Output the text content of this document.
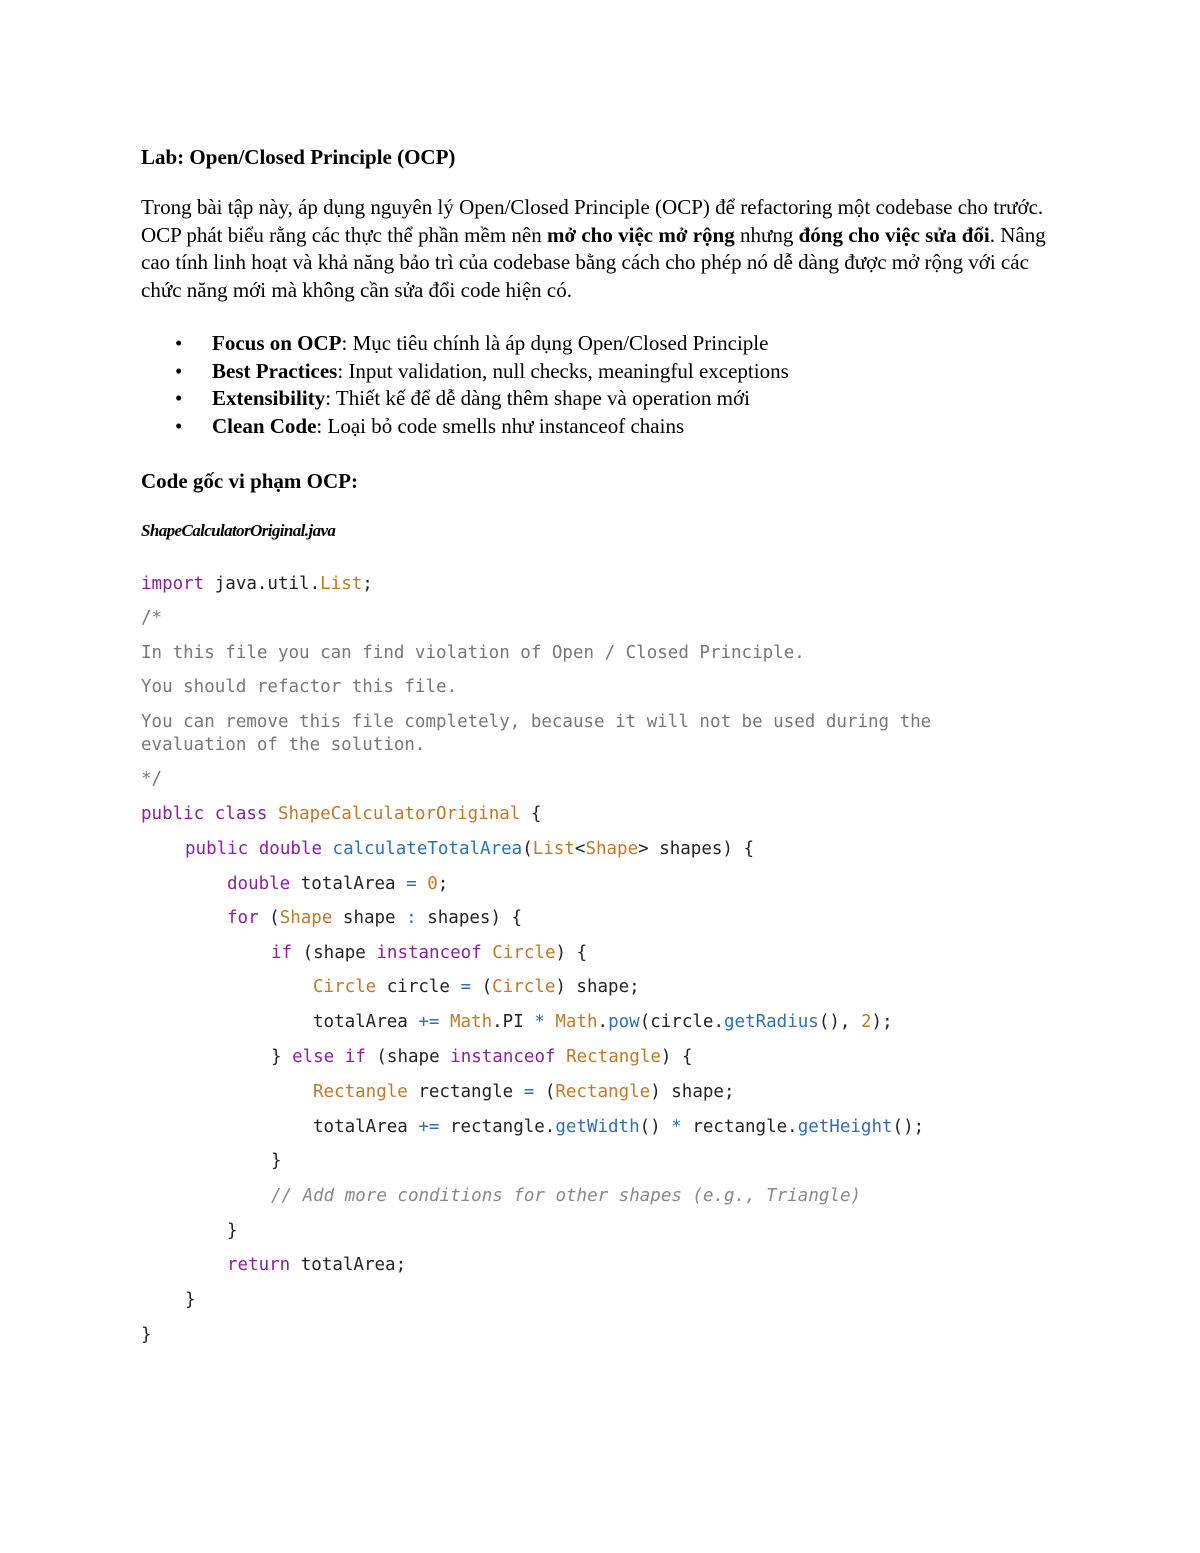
Lab: Open/Closed Principle (OCP)

Trong bài tập này, áp dụng nguyên lý Open/Closed Principle (OCP) để refactoring một codebase cho trước. OCP phát biểu rằng các thực thể phần mềm nên mở cho việc mở rộng nhưng đóng cho việc sửa đổi. Nâng cao tính linh hoạt và khả năng bảo trì của codebase bằng cách cho phép nó dễ dàng được mở rộng với các chức năng mới mà không cần sửa đổi code hiện có.

• Focus on OCP: Mục tiêu chính là áp dụng Open/Closed Principle
• Best Practices: Input validation, null checks, meaningful exceptions
• Extensibility: Thiết kế để dễ dàng thêm shape và operation mới
• Clean Code: Loại bỏ code smells như instanceof chains
Code gốc vi phạm OCP:
ShapeCalculatorOriginal.java
import java.util.List;
/*
In this file you can find violation of Open / Closed Principle.
You should refactor this file.
You can remove this file completely, because it will not be used during the
evaluation of the solution.
*/
public class ShapeCalculatorOriginal {
public double calculateTotalArea(List<Shape> shapes) {
double totalArea = 0;
for (Shape shape : shapes) {
if (shape instanceof Circle) {
Circle circle = (Circle) shape;
totalArea += Math.PI * Math.pow(circle.getRadius(), 2);
} else if (shape instanceof Rectangle) {
Rectangle rectangle = (Rectangle) shape;
totalArea += rectangle.getWidth() * rectangle.getHeight();
}
// Add more conditions for other shapes (e.g., Triangle)
}
return totalArea;
}
}
